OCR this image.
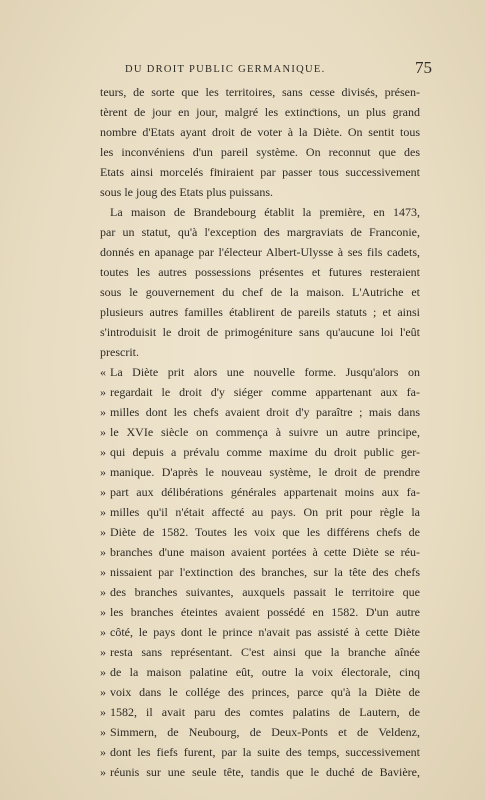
DU DROIT PUBLIC GERMANIQUE.	75
teurs, de sorte que les territoires, sans cesse divisés, présen-
tèrent de jour en jour, malgré les extinctions, un plus grand
nombre d'Etats ayant droit de voter à la Diète. On sentit tous
les inconvéniens d'un pareil système. On reconnut que des
Etats ainsi morcelés finiraient par passer tous successivement
sous le joug des Etats plus puissans.
La maison de Brandebourg établit la première, en 1473,
par un statut, qu'à l'exception des margraviats de Franconie,
donnés en apanage par l'électeur Albert-Ulysse à ses fils cadets,
toutes les autres possessions présentes et futures resteraient
sous le gouvernement du chef de la maison. L'Autriche et
plusieurs autres familles établirent de pareils statuts ; et ainsi
s'introduisit le droit de primogéniture sans qu'aucune loi l'eût
prescrit.
« La Diète prit alors une nouvelle forme. Jusqu'alors on
» regardait le droit d'y siéger comme appartenant aux fa-
» milles dont les chefs avaient droit d'y paraître ; mais dans
» le XVIe siècle on commença à suivre un autre principe,
» qui depuis a prévalu comme maxime du droit public ger-
» manique. D'après le nouveau système, le droit de prendre
» part aux délibérations générales appartenait moins aux fa-
» milles qu'il n'était affecté au pays. On prit pour règle la
» Diète de 1582. Toutes les voix que les différens chefs de
» branches d'une maison avaient portées à cette Diète se réu-
» nissaient par l'extinction des branches, sur la tête des chefs
» des branches suivantes, auxquels passait le territoire que
» les branches éteintes avaient possédé en 1582. D'un autre
» côté, le pays dont le prince n'avait pas assisté à cette Diète
» resta sans représentant. C'est ainsi que la branche aînée
» de la maison palatine eût, outre la voix électorale, cinq
» voix dans le collége des princes, parce qu'à la Diète de
» 1582, il avait paru des comtes palatins de Lautern, de
» Simmern, de Neubourg, de Deux-Ponts et de Veldenz,
» dont les fiefs furent, par la suite des temps, successivement
» réunis sur une seule tête, tandis que le duché de Bavière,
